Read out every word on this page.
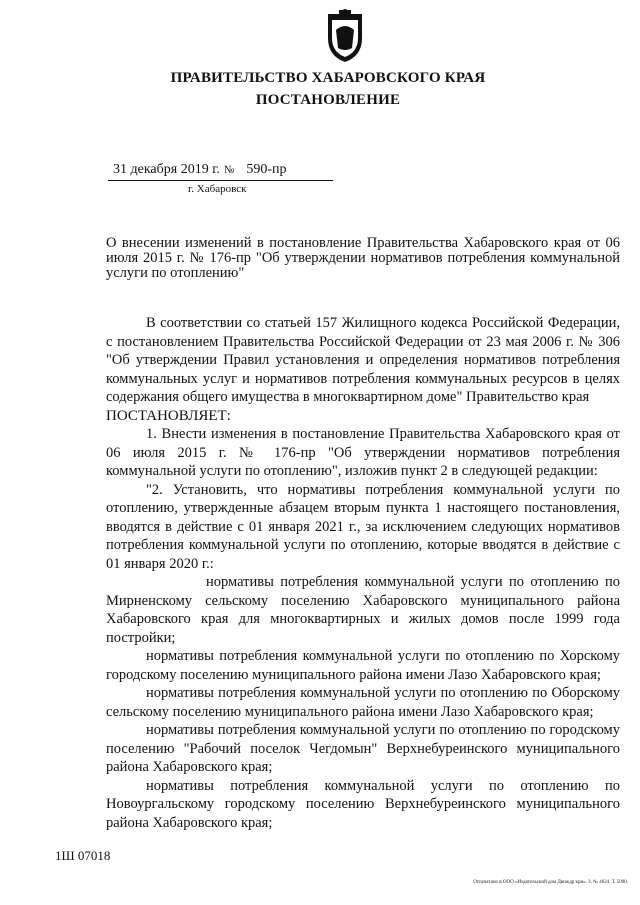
ПРАВИТЕЛЬСТВО ХАБАРОВСКОГО КРАЯ
ПОСТАНОВЛЕНИЕ
31 декабря 2019 г. № 590-пр
г. Хабаровск
О внесении изменений в постановление Правительства Хабаровского края от 06 июля 2015 г. № 176-пр "Об утверждении нормативов потребления коммунальной услуги по отоплению"

В соответствии со статьей 157 Жилищного кодекса Российской Федерации, с постановлением Правительства Российской Федерации от 23 мая 2006 г. № 306 "Об утверждении Правил установления и определения нормативов потребления коммунальных услуг и нормативов потребления коммунальных ресурсов в целях содержания общего имущества в многоквартирном доме" Правительство края

ПОСТАНОВЛЯЕТ:

1. Внести изменения в постановление Правительства Хабаровского края от 06 июля 2015 г. № 176-пр "Об утверждении нормативов потребления коммунальной услуги по отоплению", изложив пункт 2 в следующей редакции:

"2. Установить, что нормативы потребления коммунальной услуги по отоплению, утвержденные абзацем вторым пункта 1 настоящего постановления, вводятся в действие с 01 января 2021 г., за исключением следующих нормативов потребления коммунальной услуги по отоплению, которые вводятся в действие с 01 января 2020 г.:

нормативы потребления коммунальной услуги по отоплению по Мирненскому сельскому поселению Хабаровского муниципального района Хабаровского края для многоквартирных и жилых домов после 1999 года постройки;

нормативы потребления коммунальной услуги по отоплению по Хорскому городскому поселению муниципального района имени Лазо Хабаровского края;

нормативы потребления коммунальной услуги по отоплению по Оборскому сельскому поселению муниципального района имени Лазо Хабаровского края;

нормативы потребления коммунальной услуги по отоплению по городскому поселению "Рабочий поселок Чегдомын" Верхнебуреинского муниципального района Хабаровского края;

нормативы потребления коммунальной услуги по отоплению по Новоургальскому городскому поселению Верхнебуреинского муниципального района Хабаровского края;

1Ш 07018
Отпечатано в ООО «Издательский дом Движдр кри». З. № 4624. Т. 5000.
